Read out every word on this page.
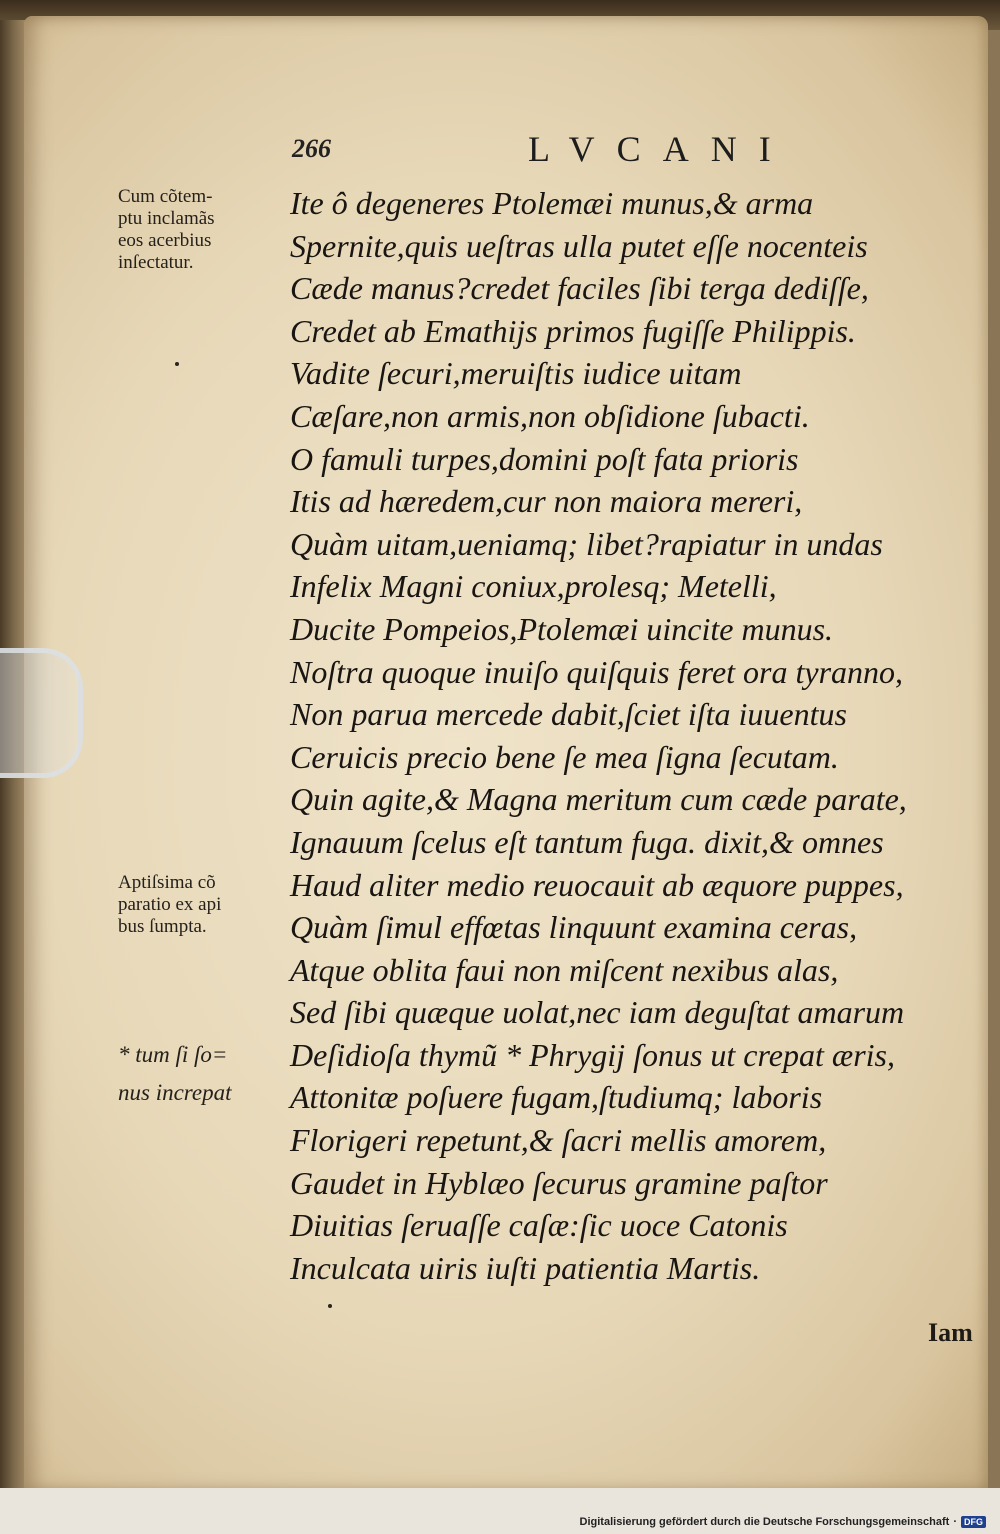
266	LVCANI
Cum cõtem-
ptu inclamãs
eos acerbius
inſectatur.
Aptiſsima cõ
paratio ex api
bus ſumpta.
* tum ſi ſo=
nus increpat
Ite ô degeneres Ptolemæi munus,& arma
Spernite,quis ueſtras ulla putet eſſe nocenteis
Cæde manus?credet faciles ſibi terga dediſſe,
Credet ab Emathijs primos fugiſſe Philippis.
Vadite ſecuri,meruiſtis iudice uitam
Cæſare,non armis,non obſidione ſubacti.
O famuli turpes,domini poſt fata prioris
Itis ad hæredem,cur non maiora mereri,
Quàm uitam,ueniamq; libet?rapiatur in undas
Infelix Magni coniux,prolesq; Metelli,
Ducite Pompeios,Ptolemæi uincite munus.
Noſtra quoque inuiſo quiſquis feret ora tyranno,
Non parua mercede dabit,ſciet iſta iuuentus
Ceruicis precio bene ſe mea ſigna ſecutam.
Quin agite,& Magna meritum cum cæde parate,
Ignauum ſcelus eſt tantum fuga. dixit,& omnes
Haud aliter medio reuocauit ab æquore puppes,
Quàm ſimul effœtas linquunt examina ceras,
Atque oblita faui non miſcent nexibus alas,
Sed ſibi quæque uolat,nec iam deguſtat amarum
Deſidioſa thymũ * Phrygij ſonus ut crepat æris,
Attonitæ poſuere fugam,ſtudiumq; laboris
Florigeri repetunt,& ſacri mellis amorem,
Gaudet in Hyblæo ſecurus gramine paſtor
Diuitias ſeruaſſe caſæ:ſic uoce Catonis
Inculcata uiris iuſti patientia Martis.
Iam
Digitalisierung gefördert durch die Deutsche Forschungsgemeinschaft · DFG
